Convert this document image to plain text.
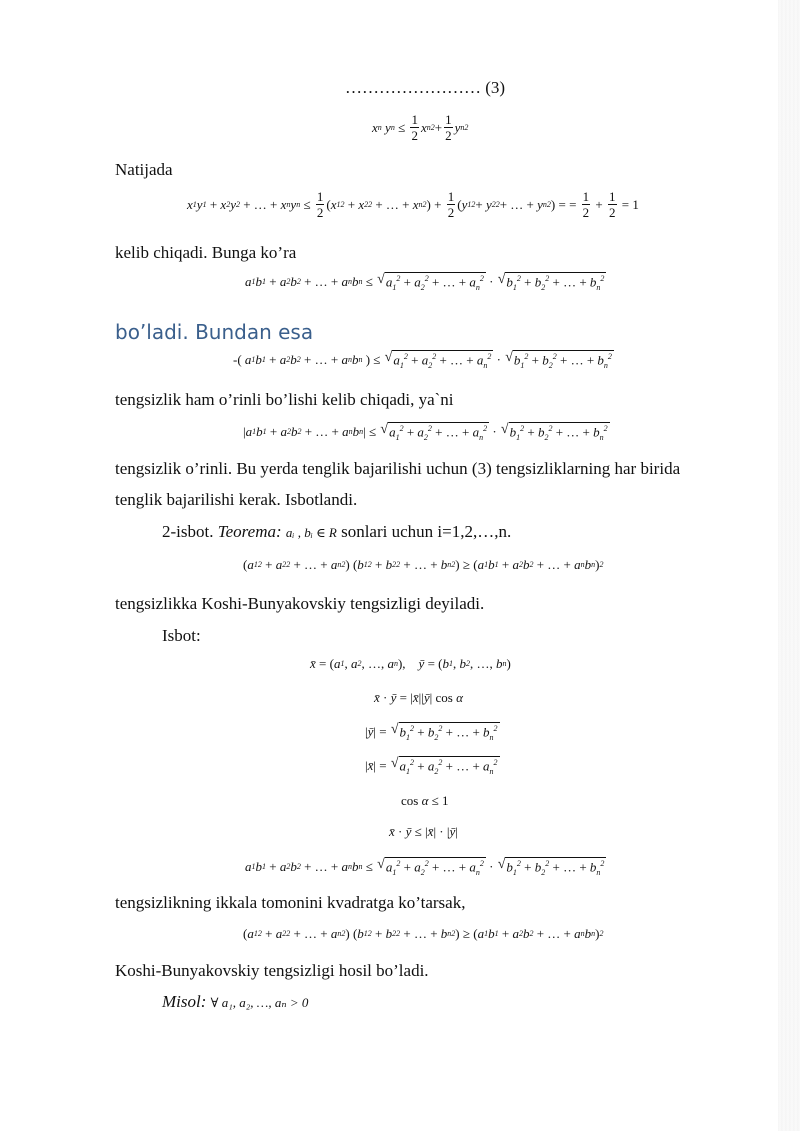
…………………… (3)
x n y $n \le \frac{1}{2}$ x n $2 + \frac{1}{2}$ y n 2
Natijada
x 1 y 1 + x 2 y 2 + … + x n y $n \le \frac{1}{2}$ ( x 1 2 + x 2 2 + … + x n 2 ) + $\frac{1}{2}$ ( y 1 2 + y 2 2 + … + y n 2 ) = = $\frac{1}{2} + \frac{1}{2} = 1$
kelib chiqadi. Bunga ko’ra
a 1 b 1 + a 2 b 2 + … + a n b n ≤ √ $a_1^2 + a_2^2$ + … + $a_n^2$ · √ $b_1^2 + b_2^2$ + … + $b_n^2$
bo’ladi. Bundan esa
-( a 1 b 1 + a 2 b 2 + … + a n b n ) ≤ √ $a_1^2 + a_2^2$ + … + $a_n^2$ · √ $b_1^2 + b_2^2$ + … + $b_n^2$
tengsizlik ham o’rinli bo’lishi kelib chiqadi, ya`ni
| a 1 b 1 + a 2 b 2 + … + a n b n | ≤ √ $a_1^2 + a_2^2$ + … + $a_n^2$ · √ $b_1^2 + b_2^2$ + … + $b_n^2$
tengsizlik o’rinli. Bu yerda tenglik bajarilishi uchun (3) tengsizliklarning har birida
tenglik bajarilishi kerak. Isbotlandi.
2-isbot. Teorema: aᵢ , bᵢ ∈ R sonlari uchun i=1,2,…,n.
( a 1 2 + a 2 2 + … + a n 2 ) ( b 1 2 + b 2 2 + … + b n 2 ) ≥ ( a 1 b 1 + a 2 b 2 + … + a n b n ) 2
tengsizlikka Koshi-Bunyakovskiy tengsizligi deyiladi.
Isbot:
x̄ = ( a 1 , a 2 , …, a n ), ȳ = ( b 1 , b 2 , …, b n )
x̄ · ȳ = | x̄ || ȳ | cos α
| ȳ | = √ $b_1^2 + b_2^2$ + … + $b_n^2$
| x̄ | = √ $a_1^2 + a_2^2$ + … + $a_n^2$
cos α ≤ 1
x̄ · ȳ ≤ | x̄ | · | ȳ |
a 1 b 1 + a 2 b 2 + … + a n b n ≤ √ $a_1^2 + a_2^2$ + … + $a_n^2$ · √ $b_1^2 + b_2^2$ + … + $b_n^2$
tengsizlikning ikkala tomonini kvadratga ko’tarsak,
( a 1 2 + a 2 2 + … + a n 2 ) ( b 1 2 + b 2 2 + … + b n 2 ) ≥ ( a 1 b 1 + a 2 b 2 + … + a n b n ) 2
Koshi-Bunyakovskiy tengsizligi hosil bo’ladi.
Misol: ∀ a₁, a₂, …, aₙ > 0
